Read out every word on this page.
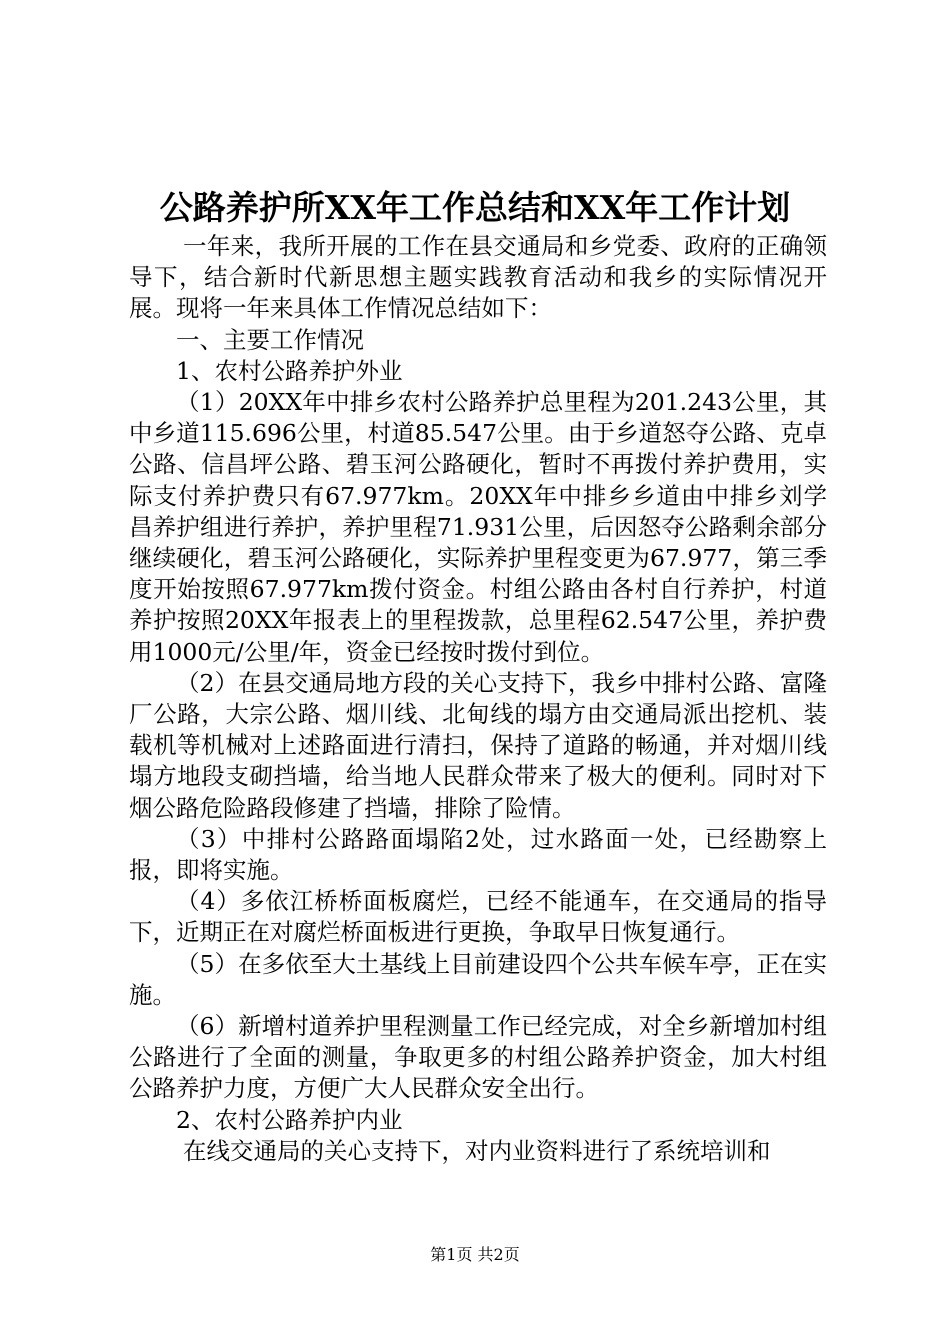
公路养护所XX年工作总结和XX年工作计划

一年来，我所开展的工作在县交通局和乡党委、政府的正确领导下，结合新时代新思想主题实践教育活动和我乡的实际情况开展。现将一年来具体工作情况总结如下：

一、主要工作情况

1、农村公路养护外业

（1）20XX年中排乡农村公路养护总里程为201.243公里，其中乡道115.696公里，村道85.547公里。由于乡道怒夺公路、克卓公路、信昌坪公路、碧玉河公路硬化，暂时不再拨付养护费用，实际支付养护费只有67.977km。20XX年中排乡乡道由中排乡刘学昌养护组进行养护，养护里程71.931公里，后因怒夺公路剩余部分继续硬化，碧玉河公路硬化，实际养护里程变更为67.977，第三季度开始按照67.977km拨付资金。村组公路由各村自行养护，村道养护按照20XX年报表上的里程拨款，总里程62.547公里，养护费用1000元/公里/年，资金已经按时拨付到位。

（2）在县交通局地方段的关心支持下，我乡中排村公路、富隆厂公路，大宗公路、烟川线、北甸线的塌方由交通局派出挖机、装载机等机械对上述路面进行清扫，保持了道路的畅通，并对烟川线塌方地段支砌挡墙，给当地人民群众带来了极大的便利。同时对下烟公路危险路段修建了挡墙，排除了险情。

（3）中排村公路路面塌陷2处，过水路面一处，已经勘察上报，即将实施。

（4）多依江桥桥面板腐烂，已经不能通车，在交通局的指导下，近期正在对腐烂桥面板进行更换，争取早日恢复通行。

（5）在多依至大土基线上目前建设四个公共车候车亭，正在实施。

（6）新增村道养护里程测量工作已经完成，对全乡新增加村组公路进行了全面的测量，争取更多的村组公路养护资金，加大村组公路养护力度，方便广大人民群众安全出行。

2、农村公路养护内业

在线交通局的关心支持下，对内业资料进行了系统培训和

第1页 共2页
